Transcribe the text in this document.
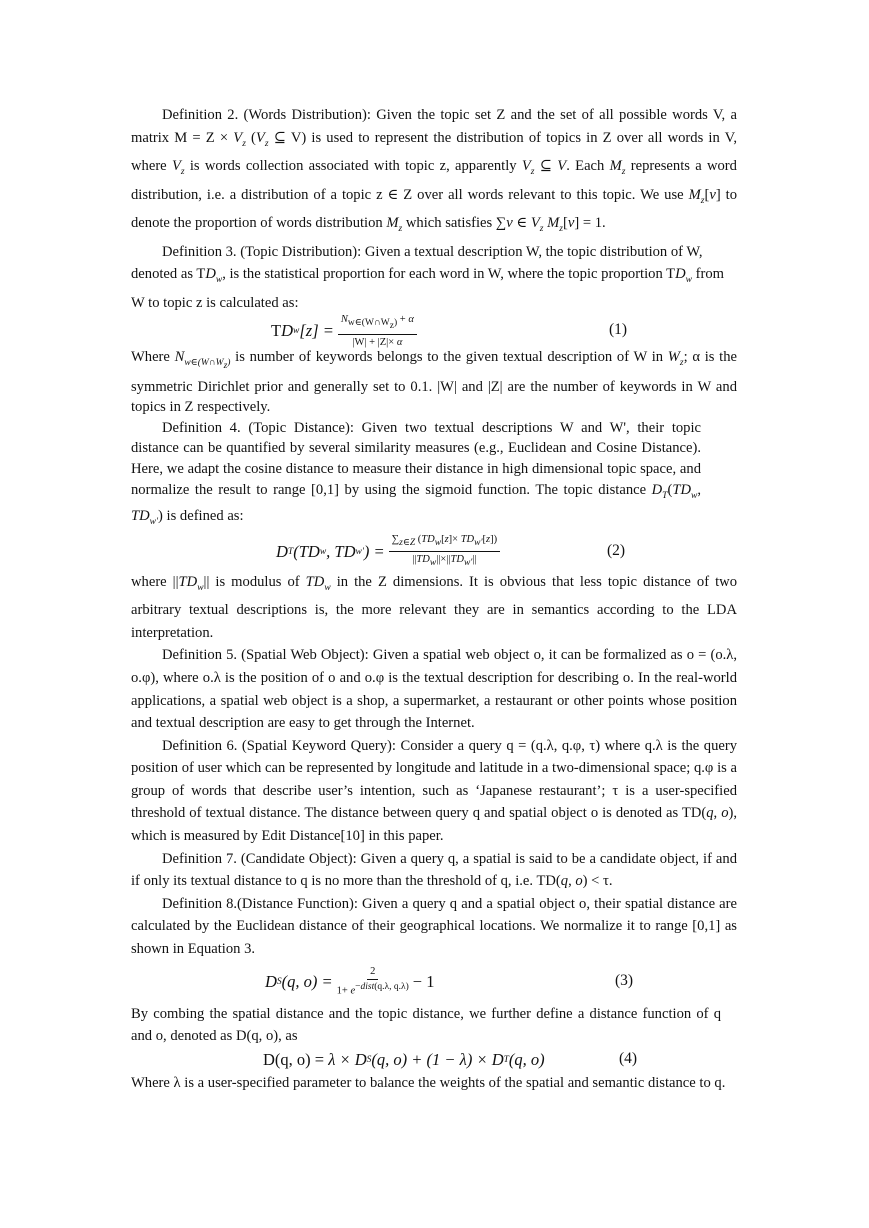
Definition 2. (Words Distribution): Given the topic set Z and the set of all possible words V, a matrix $M = Z \times V_z$ ($V_z$ ⊆ V) is used to represent the distribution of topics in Z over all words in V, where $V_z$ is words collection associated with topic z, apparently $V_z$ ⊆ V. Each $M_z$ represents a word distribution, i.e. a distribution of a topic z ∈ Z over all words relevant to this topic. We use $M_z[v]$ to denote the proportion of words distribution $M_z$ which satisfies ∑v ∈ $V_z$ $M_z[v] = 1$.

Definition 3. (Topic Distribution): Given a textual description W, the topic distribution of W, denoted as $TD_w$, is the statistical proportion for each word in W, where the topic proportion $TD_w$ from W to topic z is calculated as:

T D w $[z] = \frac{N_{w\in(W\cap W_z)} + \alpha}{|W| + |Z|\times \alpha}$	(1)

Where $N_{w\in(W\cap W_z)}$ is number of keywords belongs to the given textual description of W in $W_z$; α is the symmetric Dirichlet prior and generally set to 0.1. |W| and |Z| are the number of keywords in W and topics in Z respectively.

Definition 4. (Topic Distance): Given two textual descriptions W and W', their topic distance can be quantified by several similarity measures (e.g., Euclidean and Cosine Distance). Here, we adapt the cosine distance to measure their distance in high dimensional topic space, and normalize the result to range [0,1] by using the sigmoid function. The topic distance $D_T(TD_w$, $TD_{w'}$) is defined as:

D T (TD w , TD w' ) = $\frac{\sum_{z\in Z} (TD_w[z]\times TD_{w'}[z])}{||TD_w||\times||TD_{w'}||}$	(2)

where $||TD_w||$ is modulus of $TD_w$ in the Z dimensions. It is obvious that less topic distance of two arbitrary textual descriptions is, the more relevant they are in semantics according to the LDA interpretation.

Definition 5. (Spatial Web Object): Given a spatial web object o, it can be formalized as o = (o.λ, o.φ), where o.λ is the position of o and o.φ is the textual description for describing o. In the real-world applications, a spatial web object is a shop, a supermarket, a restaurant or other points whose position and textual description are easy to get through the Internet.

Definition 6. (Spatial Keyword Query): Consider a query q = (q.λ, q.φ, τ) where q.λ is the query position of user which can be represented by longitude and latitude in a two-dimensional space; q.φ is a group of words that describe user’s intention, such as ‘Japanese restaurant’; τ is a user-specified threshold of textual distance. The distance between query q and spatial object o is denoted as TD(q, o), which is measured by Edit Distance[10] in this paper.

Definition 7. (Candidate Object): Given a query q, a spatial is said to be a candidate object, if and if only its textual distance to q is no more than the threshold of q, i.e. TD(q, o) < τ.

Definition 8.(Distance Function): Given a query q and a spatial object o, their spatial distance are calculated by the Euclidean distance of their geographical locations. We normalize it to range [0,1] as shown in Equation 3.

D S (q, $o) = \frac{2}{1+ e^{-dist(q.\lambda, q.\lambda)}} - 1$	(3)

By combing the spatial distance and the topic distance, we further define a distance function of q and o, denoted as D(q, o), as

D(q, o) = λ × D S (q, o) + (1 − λ) × D T (q, o)	(4)

Where λ is a user-specified parameter to balance the weights of the spatial and semantic distance to q.
